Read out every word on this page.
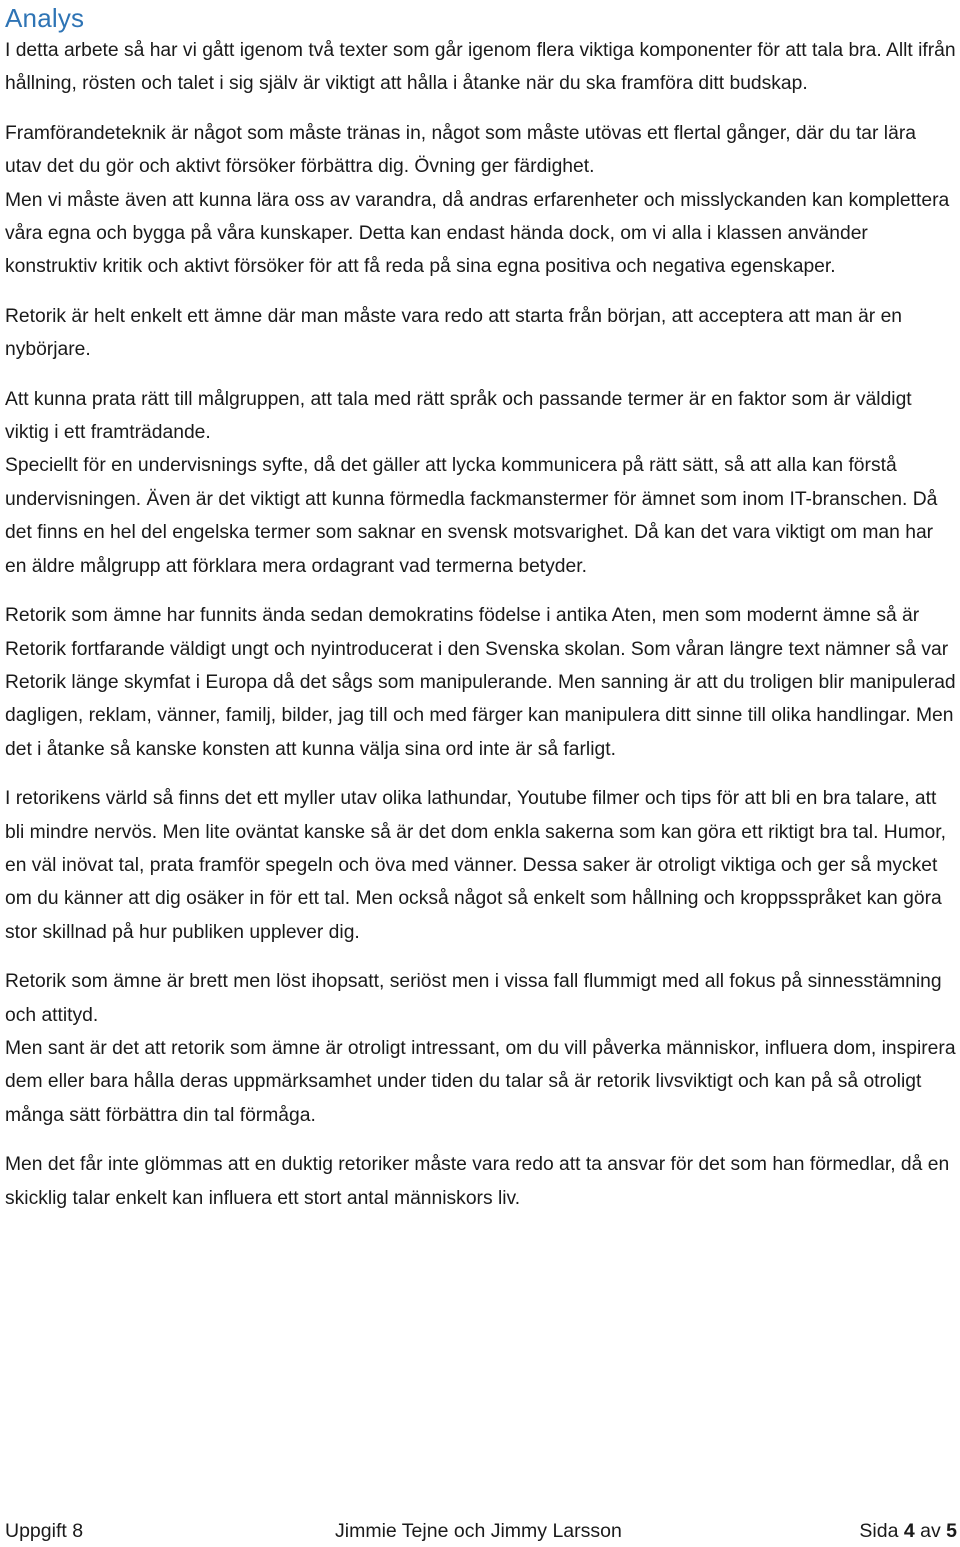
Analys

I detta arbete så har vi gått igenom två texter som går igenom flera viktiga komponenter för att tala bra. Allt ifrån hållning, rösten och talet i sig själv är viktigt att hålla i åtanke när du ska framföra ditt budskap.

Framförandeteknik är något som måste tränas in, något som måste utövas ett flertal gånger, där du tar lära utav det du gör och aktivt försöker förbättra dig. Övning ger färdighet.

Men vi måste även att kunna lära oss av varandra, då andras erfarenheter och misslyckanden kan komplettera våra egna och bygga på våra kunskaper. Detta kan endast hända dock, om vi alla i klassen använder konstruktiv kritik och aktivt försöker för att få reda på sina egna positiva och negativa egenskaper.

Retorik är helt enkelt ett ämne där man måste vara redo att starta från början, att acceptera att man är en nybörjare.

Att kunna prata rätt till målgruppen, att tala med rätt språk och passande termer är en faktor som är väldigt viktig i ett framträdande.

Speciellt för en undervisnings syfte, då det gäller att lycka kommunicera på rätt sätt, så att alla kan förstå undervisningen. Även är det viktigt att kunna förmedla fackmanstermer för ämnet som inom IT-branschen. Då det finns en hel del engelska termer som saknar en svensk motsvarighet. Då kan det vara viktigt om man har en äldre målgrupp att förklara mera ordagrant vad termerna betyder.

Retorik som ämne har funnits ända sedan demokratins födelse i antika Aten, men som modernt ämne så är Retorik fortfarande väldigt ungt och nyintroducerat i den Svenska skolan. Som våran längre text nämner så var Retorik länge skymfat i Europa då det sågs som manipulerande. Men sanning är att du troligen blir manipulerad dagligen, reklam, vänner, familj, bilder, jag till och med färger kan manipulera ditt sinne till olika handlingar. Men det i åtanke så kanske konsten att kunna välja sina ord inte är så farligt.

I retorikens värld så finns det ett myller utav olika lathundar, Youtube filmer och tips för att bli en bra talare, att bli mindre nervös. Men lite oväntat kanske så är det dom enkla sakerna som kan göra ett riktigt bra tal. Humor, en väl inövat tal, prata framför spegeln och öva med vänner. Dessa saker är otroligt viktiga och ger så mycket om du känner att dig osäker in för ett tal. Men också något så enkelt som hållning och kroppsspråket kan göra stor skillnad på hur publiken upplever dig.

Retorik som ämne är brett men löst ihopsatt, seriöst men i vissa fall flummigt med all fokus på sinnesstämning och attityd.

Men sant är det att retorik som ämne är otroligt intressant, om du vill påverka människor, influera dom, inspirera dem eller bara hålla deras uppmärksamhet under tiden du talar så är retorik livsviktigt och kan på så otroligt många sätt förbättra din tal förmåga.

Men det får inte glömmas att en duktig retoriker måste vara redo att ta ansvar för det som han förmedlar, då en skicklig talar enkelt kan influera ett stort antal människors liv.

Uppgift 8	Jimmie Tejne och Jimmy Larsson	Sida 4 av 5
